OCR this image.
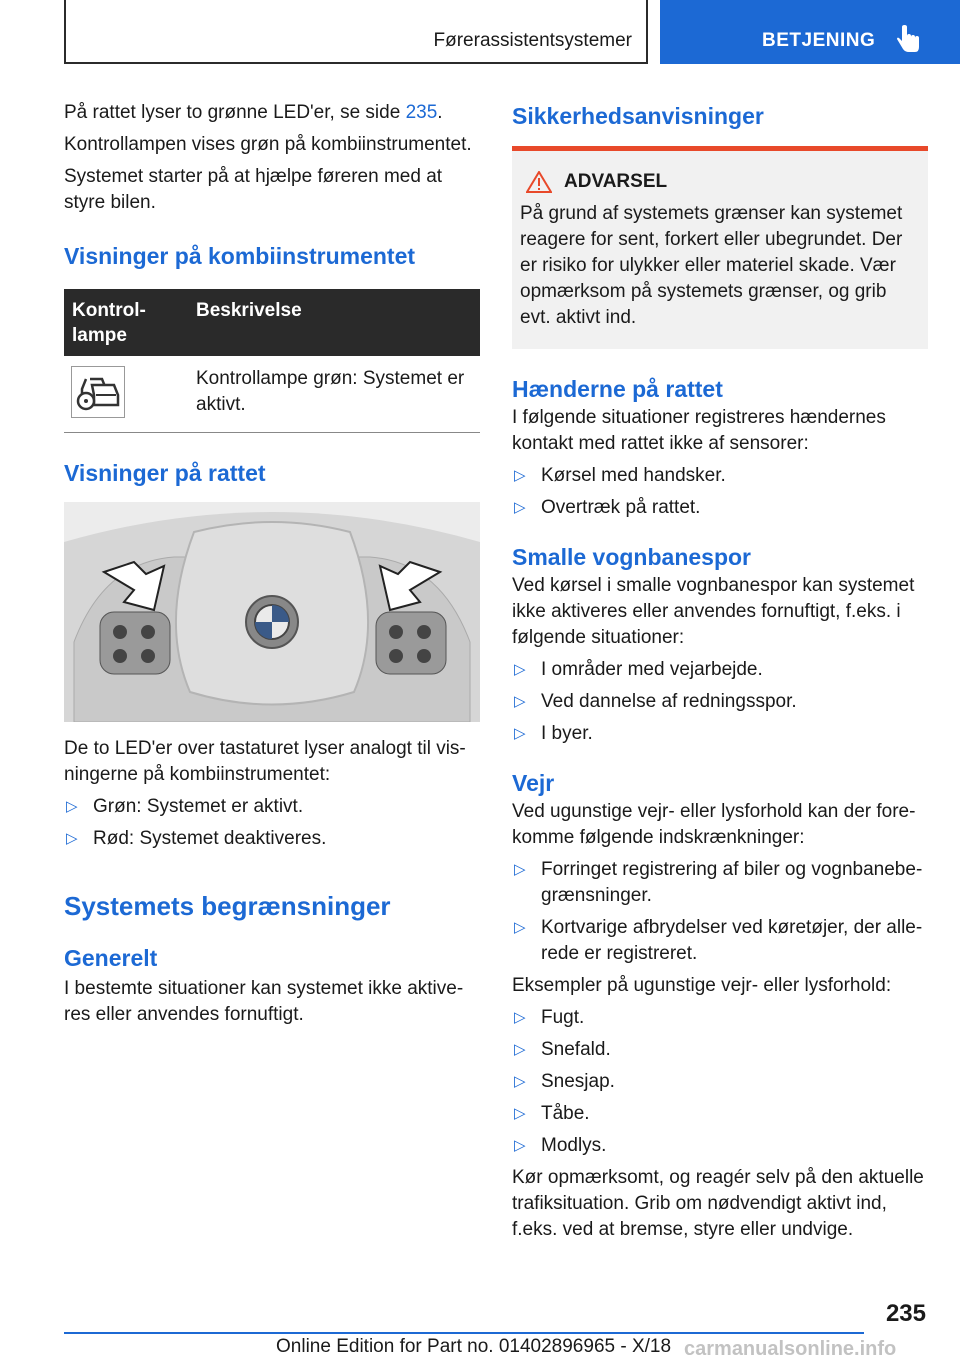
Førerassistentsystemer	BETJENING

På rattet lyser to grønne LED'er, se side 235.

Kontrollampen vises grøn på kombiinstrumentet.

Systemet starter på at hjælpe føreren med at styre bilen.

Visninger på kombiinstrumentet
Kontrol-
lampe	Beskrivelse

	Kontrollampe grøn: Systemet er aktivt.
Visninger på rattet

De to LED'er over tastaturet lyser analogt til vis-ningerne på kombiinstrumentet:

▷ Grøn: Systemet er aktivt.
▷ Rød: Systemet deaktiveres.
Systemets begrænsninger
Generelt

I bestemte situationer kan systemet ikke aktive-res eller anvendes fornuftigt.

Sikkerhedsanvisninger
ADVARSEL

På grund af systemets grænser kan systemet reagere for sent, forkert eller ubegrundet. Der er risiko for ulykker eller materiel skade. Vær opmærksom på systemets grænser, og grib evt. aktivt ind.

Hænderne på rattet

I følgende situationer registreres hændernes kontakt med rattet ikke af sensorer:

▷ Kørsel med handsker.
▷ Overtræk på rattet.
Smalle vognbanespor

Ved kørsel i smalle vognbanespor kan systemet ikke aktiveres eller anvendes fornuftigt, f.eks. i følgende situationer:

▷ I områder med vejarbejde.
▷ Ved dannelse af redningsspor.
▷ I byer.
Vejr

Ved ugunstige vejr- eller lysforhold kan der fore-komme følgende indskrænkninger:

▷ Forringet registrering af biler og vognbanebe-grænsninger.
▷ Kortvarige afbrydelser ved køretøjer, der alle-rede er registreret.

Eksempler på ugunstige vejr- eller lysforhold:

▷ Fugt.
▷ Snefald.
▷ Snesjap.
▷ Tåbe.
▷ Modlys.

Kør opmærksomt, og reagér selv på den aktuelle trafiksituation. Grib om nødvendigt aktivt ind, f.eks. ved at bremse, styre eller undvige.

235
Online Edition for Part no. 01402896965 - X/18 carmanualsonline.info
